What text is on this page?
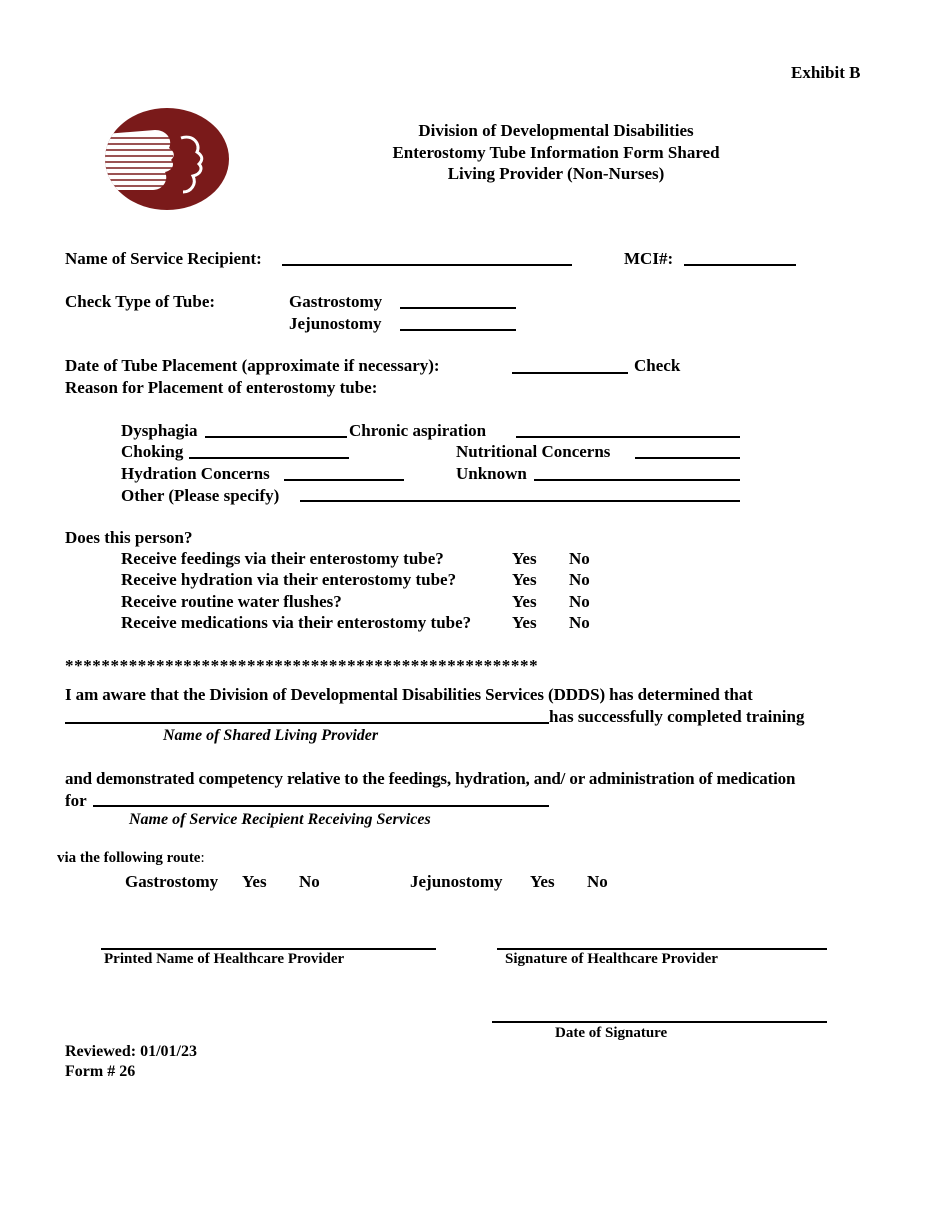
Exhibit B
Division of Developmental Disabilities
Enterostomy Tube Information Form Shared
Living Provider (Non-Nurses)
Name of Service Recipient:	MCI#:
Check Type of Tube:	Gastrostomy
Jejunostomy
Date of Tube Placement (approximate if necessary):	Check
Reason for Placement of enterostomy tube:
Dysphagia	Chronic aspiration
Choking	Nutritional Concerns
Hydration Concerns	Unknown
Other (Please specify)
Does this person?
Receive feedings via their enterostomy tube?	Yes No
Receive hydration via their enterostomy tube?	Yes No
Receive routine water flushes?	Yes No
Receive medications via their enterostomy tube? Yes No
****************************************************
I am aware that the Division of Developmental Disabilities Services (DDDS) has determined that
has successfully completed training
Name of Shared Living Provider
and demonstrated competency relative to the feedings, hydration, and/ or administration of medication
for
Name of Service Recipient Receiving Services
via the following route:
Gastrostomy Yes No	Jejunostomy Yes No
Printed Name of Healthcare Provider	Signature of Healthcare Provider
Date of Signature
Reviewed: 01/01/23
Form # 26
